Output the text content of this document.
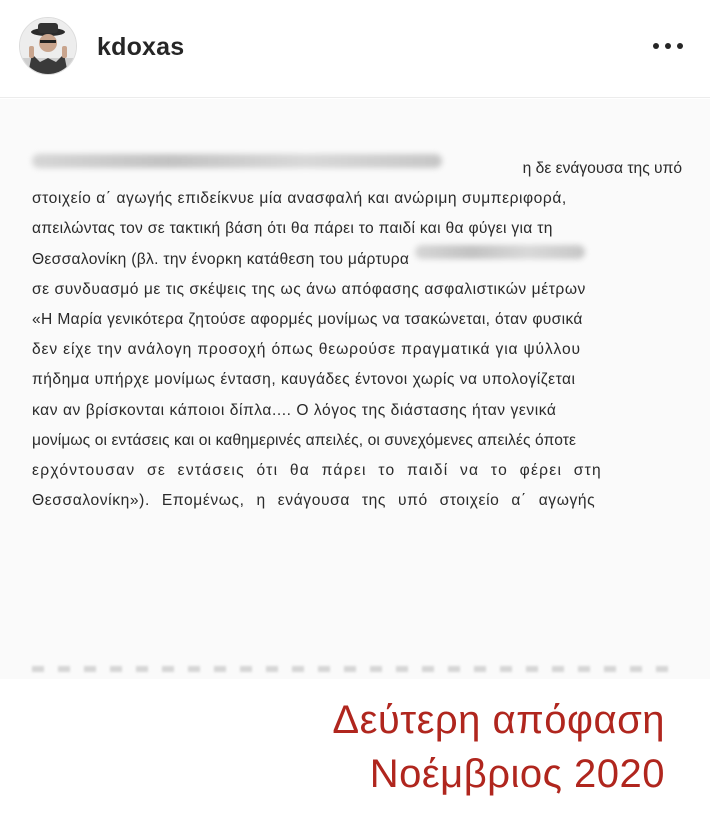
kdoxas
η δε ενάγουσα της υπό
στοιχείο α΄ αγωγής επιδείκνυε μία ανασφαλή και ανώριμη συμπεριφορά,
απειλώντας τον σε τακτική βάση ότι θα πάρει το παιδί και θα φύγει για τη
Θεσσαλονίκη (βλ. την ένορκη κατάθεση του μάρτυρα
σε συνδυασμό με τις σκέψεις της ως άνω απόφασης ασφαλιστικών μέτρων
«Η Μαρία γενικότερα ζητούσε αφορμές μονίμως να τσακώνεται, όταν φυσικά
δεν είχε την ανάλογη προσοχή όπως θεωρούσε πραγματικά για ψύλλου
πήδημα υπήρχε μονίμως ένταση, καυγάδες έντονοι χωρίς να υπολογίζεται
καν αν βρίσκονται κάποιοι δίπλα.... Ο λόγος της διάστασης ήταν γενικά
μονίμως οι εντάσεις και οι καθημερινές απειλές, οι συνεχόμενες απειλές όποτε
ερχόντουσαν σε εντάσεις ότι θα πάρει το παιδί να το φέρει στη
Θεσσαλονίκη»). Επομένως, η ενάγουσα της υπό στοιχείο α΄ αγωγής
Δεύτερη απόφαση
Νοέμβριος 2020
